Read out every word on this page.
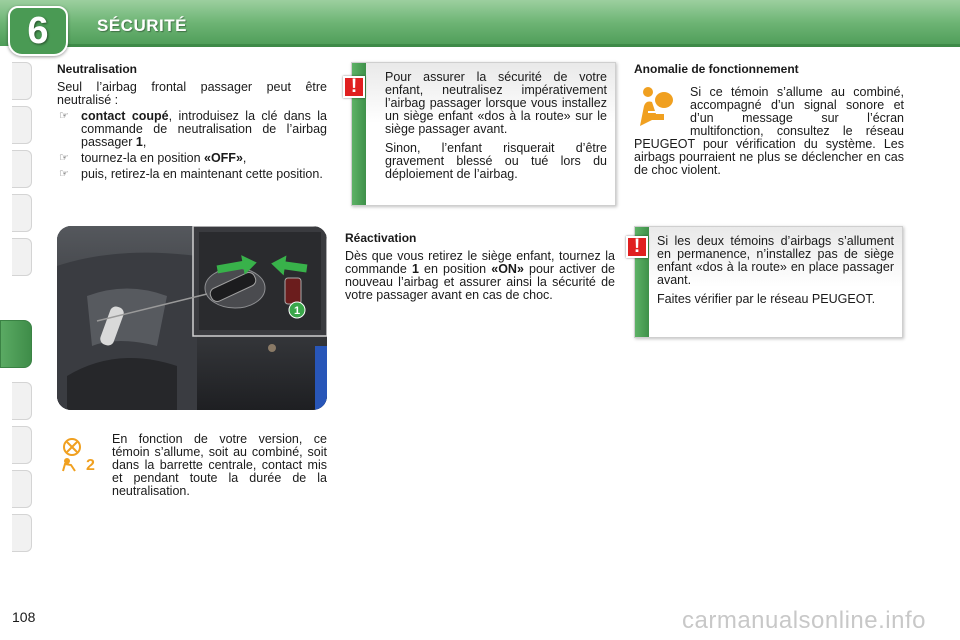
6	SÉCURITÉ
Neutralisation

Seul l’airbag frontal passager peut être neutralisé :

☞ contact coupé, introduisez la clé dans la commande de neutralisation de l’airbag passager 1,
☞ tournez-la en position «OFF»,
☞ puis, retirez-la en maintenant cette position.
1
2
En fonction de votre version, ce témoin s’allume, soit au combiné, soit dans la barrette centrale, contact mis et pendant toute la durée de la neutralisation.

Pour assurer la sécurité de votre enfant, neutralisez impérativement l’airbag passager lorsque vous installez un siège enfant «dos à la route» sur le siège passager avant.

Sinon, l’enfant risquerait d’être gravement blessé ou tué lors du déploiement de l’airbag.

!
Réactivation

Dès que vous retirez le siège enfant, tournez la commande 1 en position «ON» pour activer de nouveau l’airbag et assurer ainsi la sécurité de votre passager avant en cas de choc.

Anomalie de fonctionnement

Si ce témoin s’allume au combiné, accompagné d’un signal sonore et d’un message sur l’écran multifonction, consultez le réseau PEUGEOT pour vérification du système. Les airbags pourraient ne plus se déclencher en cas de choc violent.

Si les deux témoins d’airbags s’allument en permanence, n’installez pas de siège enfant «dos à la route» en place passager avant.

Faites vérifier par le réseau PEUGEOT.

!
108	carmanualsonline.info
